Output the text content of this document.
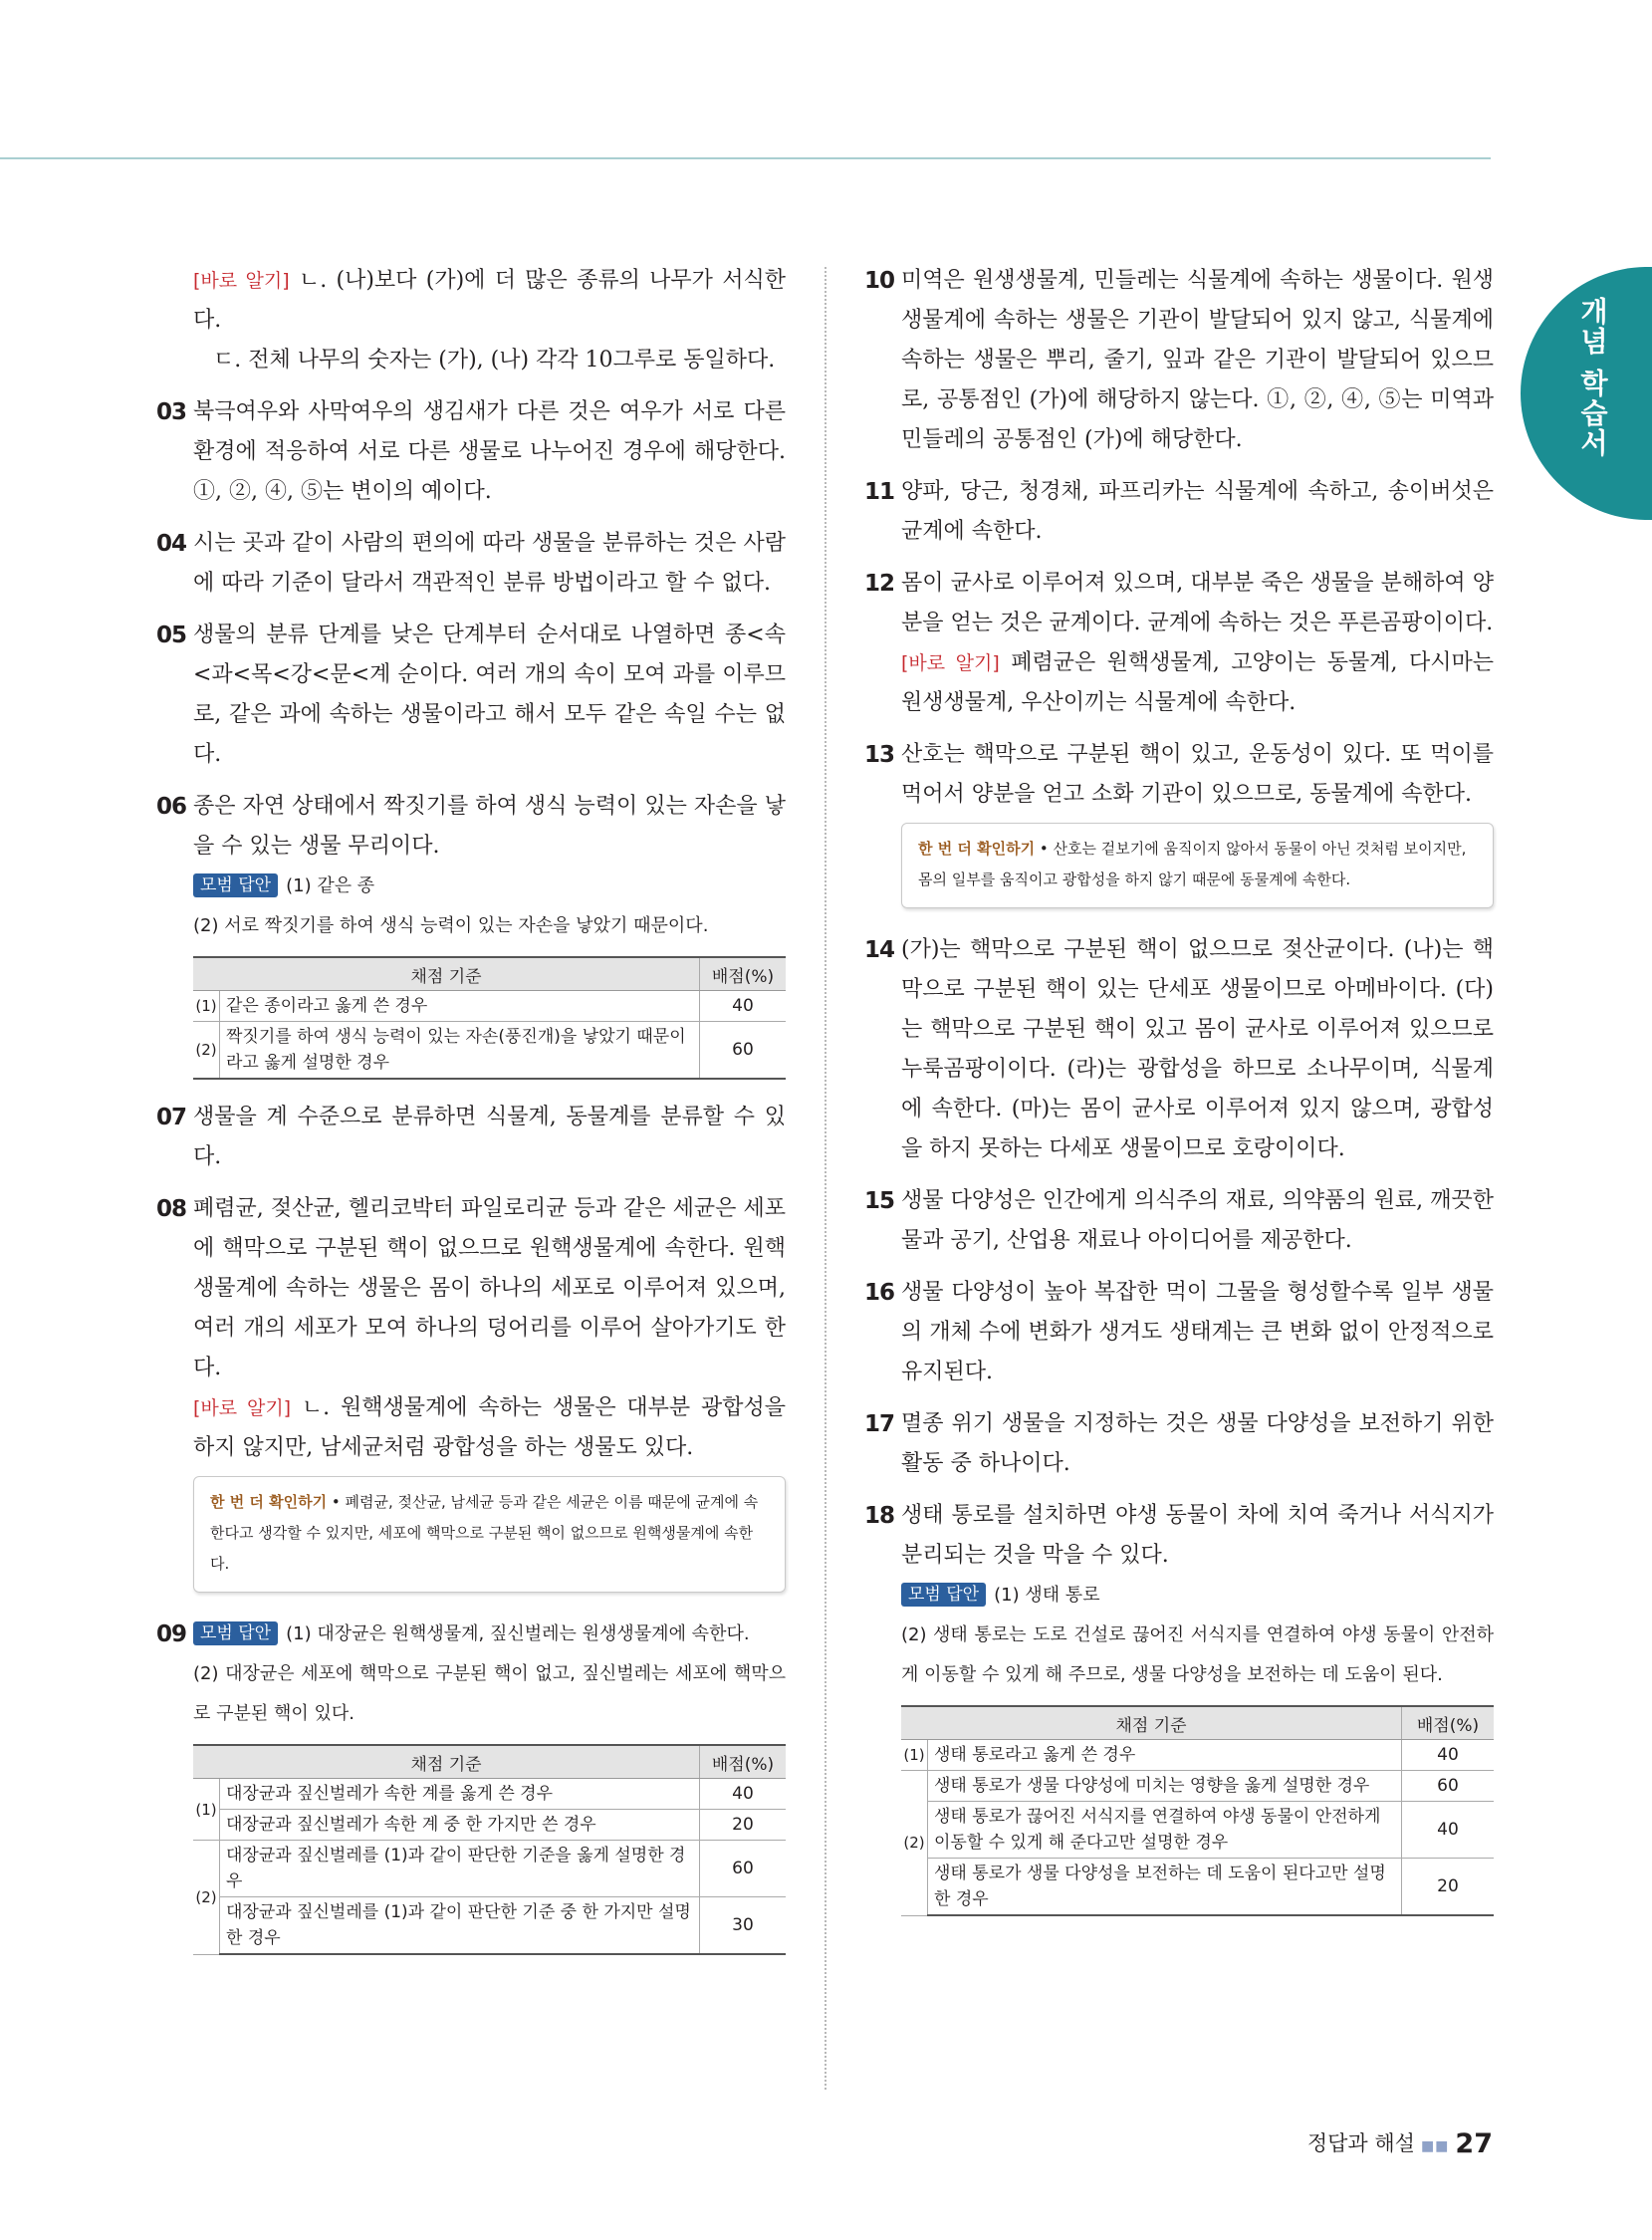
개념 학습서

[바로 알기] ㄴ. (나)보다 (가)에 더 많은 종류의 나무가 서식한다.

ㄷ. 전체 나무의 숫자는 (가), (나) 각각 10그루로 동일하다.

03 북극여우와 사막여우의 생김새가 다른 것은 여우가 서로 다른 환경에 적응하여 서로 다른 생물로 나누어진 경우에 해당한다. ①, ②, ④, ⑤는 변이의 예이다.

04 시는 곳과 같이 사람의 편의에 따라 생물을 분류하는 것은 사람에 따라 기준이 달라서 객관적인 분류 방법이라고 할 수 없다.

05 생물의 분류 단계를 낮은 단계부터 순서대로 나열하면 종<속<과<목<강<문<계 순이다. 여러 개의 속이 모여 과를 이루므로, 같은 과에 속하는 생물이라고 해서 모두 같은 속일 수는 없다.

06 종은 자연 상태에서 짝짓기를 하여 생식 능력이 있는 자손을 낳을 수 있는 생물 무리이다.

모범 답안 (1) 같은 종

(2) 서로 짝짓기를 하여 생식 능력이 있는 자손을 낳았기 때문이다.

채점 기준		배점(%)
(1)	같은 종이라고 옳게 쓴 경우	40
(2)	짝짓기를 하여 생식 능력이 있는 자손(풍진개)을 낳았기 때문이라고 옳게 설명한 경우	60
07 생물을 계 수준으로 분류하면 식물계, 동물계를 분류할 수 있다.

08 폐렴균, 젖산균, 헬리코박터 파일로리균 등과 같은 세균은 세포에 핵막으로 구분된 핵이 없으므로 원핵생물계에 속한다. 원핵생물계에 속하는 생물은 몸이 하나의 세포로 이루어져 있으며, 여러 개의 세포가 모여 하나의 덩어리를 이루어 살아가기도 한다.

[바로 알기] ㄴ. 원핵생물계에 속하는 생물은 대부분 광합성을 하지 않지만, 남세균처럼 광합성을 하는 생물도 있다.

한 번 더 확인하기 • 폐렴균, 젖산균, 남세균 등과 같은 세균은 이름 때문에 균계에 속한다고 생각할 수 있지만, 세포에 핵막으로 구분된 핵이 없으므로 원핵생물계에 속한다.
09 모범 답안 (1) 대장균은 원핵생물계, 짚신벌레는 원생생물계에 속한다.

(2) 대장균은 세포에 핵막으로 구분된 핵이 없고, 짚신벌레는 세포에 핵막으로 구분된 핵이 있다.

채점 기준		배점(%)
(1)	대장균과 짚신벌레가 속한 계를 옳게 쓴 경우	40
	대장균과 짚신벌레가 속한 계 중 한 가지만 쓴 경우	20
(2)	대장균과 짚신벌레를 (1)과 같이 판단한 기준을 옳게 설명한 경우	60
	대장균과 짚신벌레를 (1)과 같이 판단한 기준 중 한 가지만 설명한 경우	30
10 미역은 원생생물계, 민들레는 식물계에 속하는 생물이다. 원생생물계에 속하는 생물은 기관이 발달되어 있지 않고, 식물계에 속하는 생물은 뿌리, 줄기, 잎과 같은 기관이 발달되어 있으므로, 공통점인 (가)에 해당하지 않는다. ①, ②, ④, ⑤는 미역과 민들레의 공통점인 (가)에 해당한다.

11 양파, 당근, 청경채, 파프리카는 식물계에 속하고, 송이버섯은 균계에 속한다.

12 몸이 균사로 이루어져 있으며, 대부분 죽은 생물을 분해하여 양분을 얻는 것은 균계이다. 균계에 속하는 것은 푸른곰팡이이다.

[바로 알기] 폐렴균은 원핵생물계, 고양이는 동물계, 다시마는 원생생물계, 우산이끼는 식물계에 속한다.

13 산호는 핵막으로 구분된 핵이 있고, 운동성이 있다. 또 먹이를 먹어서 양분을 얻고 소화 기관이 있으므로, 동물계에 속한다.

한 번 더 확인하기 • 산호는 겉보기에 움직이지 않아서 동물이 아닌 것처럼 보이지만, 몸의 일부를 움직이고 광합성을 하지 않기 때문에 동물계에 속한다.
14 (가)는 핵막으로 구분된 핵이 없으므로 젖산균이다. (나)는 핵막으로 구분된 핵이 있는 단세포 생물이므로 아메바이다. (다)는 핵막으로 구분된 핵이 있고 몸이 균사로 이루어져 있으므로 누룩곰팡이이다. (라)는 광합성을 하므로 소나무이며, 식물계에 속한다. (마)는 몸이 균사로 이루어져 있지 않으며, 광합성을 하지 못하는 다세포 생물이므로 호랑이이다.

15 생물 다양성은 인간에게 의식주의 재료, 의약품의 원료, 깨끗한 물과 공기, 산업용 재료나 아이디어를 제공한다.

16 생물 다양성이 높아 복잡한 먹이 그물을 형성할수록 일부 생물의 개체 수에 변화가 생겨도 생태계는 큰 변화 없이 안정적으로 유지된다.

17 멸종 위기 생물을 지정하는 것은 생물 다양성을 보전하기 위한 활동 중 하나이다.

18 생태 통로를 설치하면 야생 동물이 차에 치여 죽거나 서식지가 분리되는 것을 막을 수 있다.

모범 답안 (1) 생태 통로

(2) 생태 통로는 도로 건설로 끊어진 서식지를 연결하여 야생 동물이 안전하게 이동할 수 있게 해 주므로, 생물 다양성을 보전하는 데 도움이 된다.

채점 기준		배점(%)
(1)	생태 통로라고 옳게 쓴 경우	40
(2)	생태 통로가 생물 다양성에 미치는 영향을 옳게 설명한 경우	60
	생태 통로가 끊어진 서식지를 연결하여 야생 동물이 안전하게 이동할 수 있게 해 준다고만 설명한 경우	40
	생태 통로가 생물 다양성을 보전하는 데 도움이 된다고만 설명한 경우	20
정답과 해설 ■■ 27
